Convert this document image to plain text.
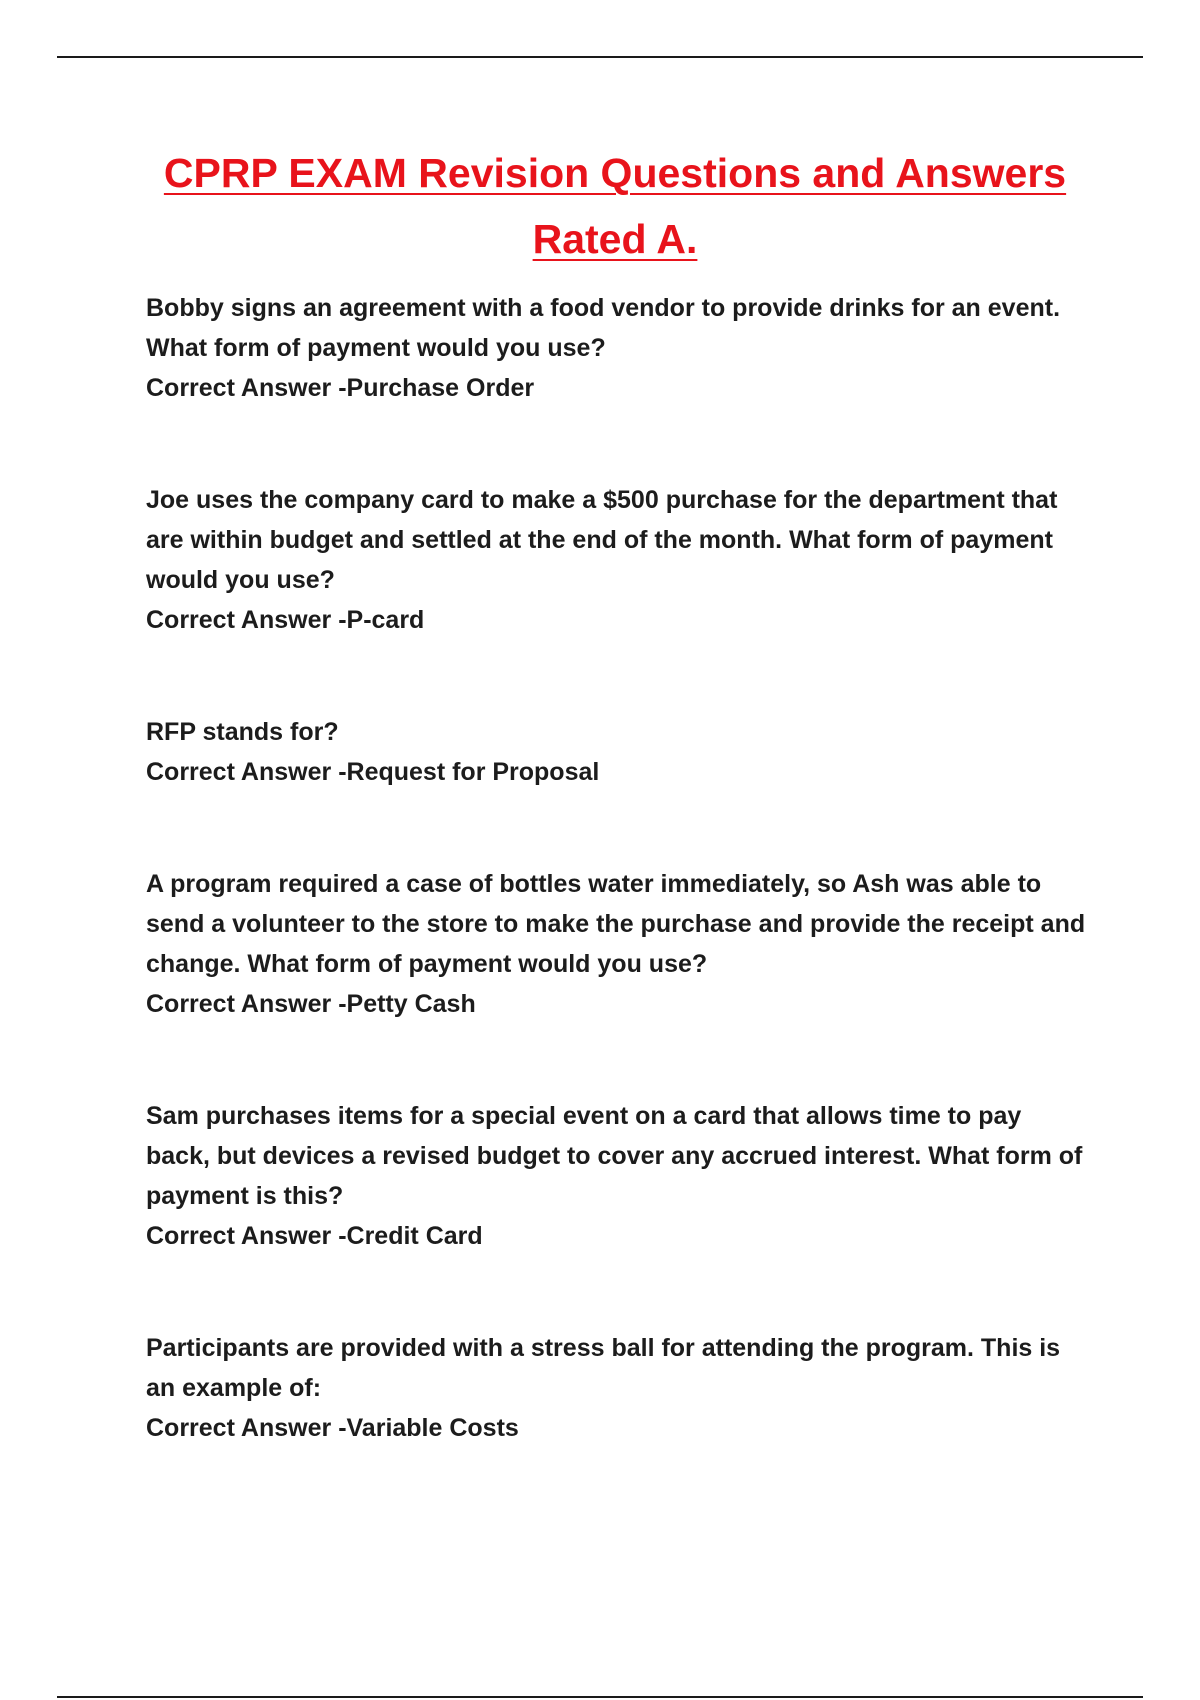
CPRP EXAM Revision Questions and Answers
Rated A.

Bobby signs an agreement with a food vendor to provide drinks for an event. What form of payment would you use?

Correct Answer -Purchase Order

Joe uses the company card to make a $500 purchase for the department that are within budget and settled at the end of the month. What form of payment would you use?

Correct Answer -P-card

RFP stands for?

Correct Answer -Request for Proposal

A program required a case of bottles water immediately, so Ash was able to send a volunteer to the store to make the purchase and provide the receipt and change. What form of payment would you use?

Correct Answer -Petty Cash

Sam purchases items for a special event on a card that allows time to pay back, but devices a revised budget to cover any accrued interest. What form of payment is this?

Correct Answer -Credit Card

Participants are provided with a stress ball for attending the program. This is an example of:

Correct Answer -Variable Costs
